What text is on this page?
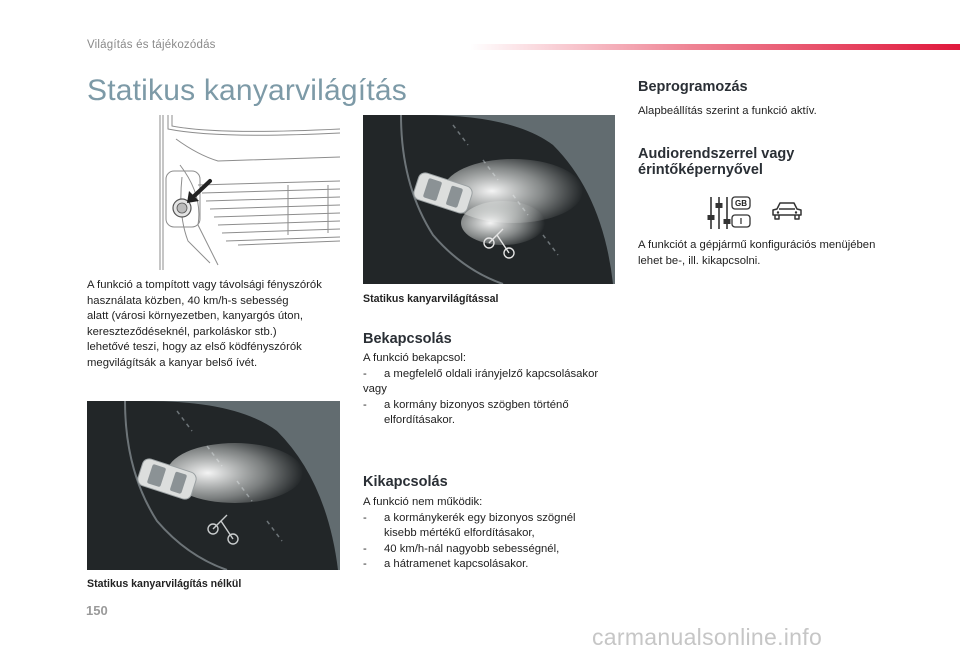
Világítás és tájékozódás
Statikus kanyarvilágítás
A funkció a tompított vagy távolsági fényszórók
használata közben, 40 km/h-s sebesség
alatt (városi környezetben, kanyargós úton,
kereszteződéseknél, parkoláskor stb.)
lehetővé teszi, hogy az első ködfényszórók
megvilágítsák a kanyar belső ívét.
Statikus kanyarvilágítással
Statikus kanyarvilágítás nélkül
Bekapcsolás
A funkció bekapcsol:
- a megfelelő oldali irányjelző kapcsolásakor
vagy
- a kormány bizonyos szögben történő
elfordításakor.
Kikapcsolás
A funkció nem működik:
- a kormánykerék egy bizonyos szögnél
kisebb mértékű elfordításakor,
- 40 km/h-nál nagyobb sebességnél,
- a hátramenet kapcsolásakor.
Beprogramozás
Alapbeállítás szerint a funkció aktív.
Audiorendszerrel vagy
érintőképernyővel
GB
I
A funkciót a gépjármű konfigurációs menüjében
lehet be-, ill. kikapcsolni.
150
carmanualsonline.info
